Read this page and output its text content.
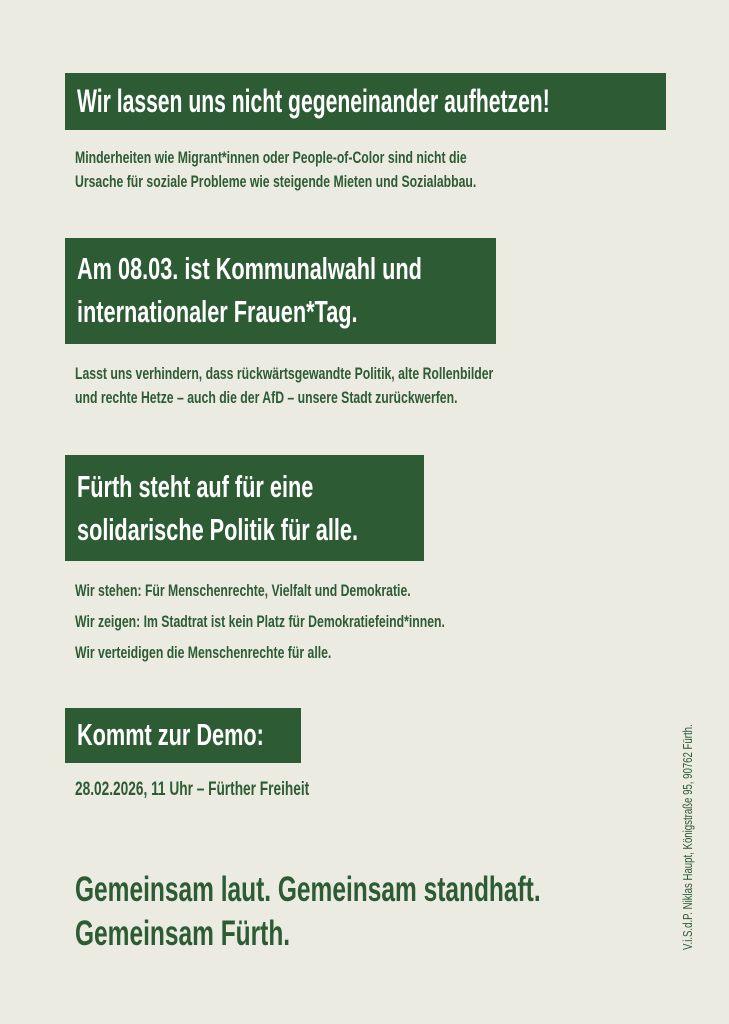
Wir lassen uns nicht gegeneinander aufhetzen!
Minderheiten wie Migrant*innen oder People-of-Color sind nicht die
Ursache für soziale Probleme wie steigende Mieten und Sozialabbau.
Am 08.03. ist Kommunalwahl und
internationaler Frauen*Tag.
Lasst uns verhindern, dass rückwärtsgewandte Politik, alte Rollenbilder
und rechte Hetze – auch die der AfD – unsere Stadt zurückwerfen.
Fürth steht auf für eine
solidarische Politik für alle.
Wir stehen: Für Menschenrechte, Vielfalt und Demokratie.
Wir zeigen: Im Stadtrat ist kein Platz für Demokratiefeind*innen.
Wir verteidigen die Menschenrechte für alle.
Kommt zur Demo:
28.02.2026, 11 Uhr – Fürther Freiheit
Gemeinsam laut. Gemeinsam standhaft.
Gemeinsam Fürth.	V.i.S.d.P. Niklas Haupt, Königstraße 95, 90762 Fürth.
